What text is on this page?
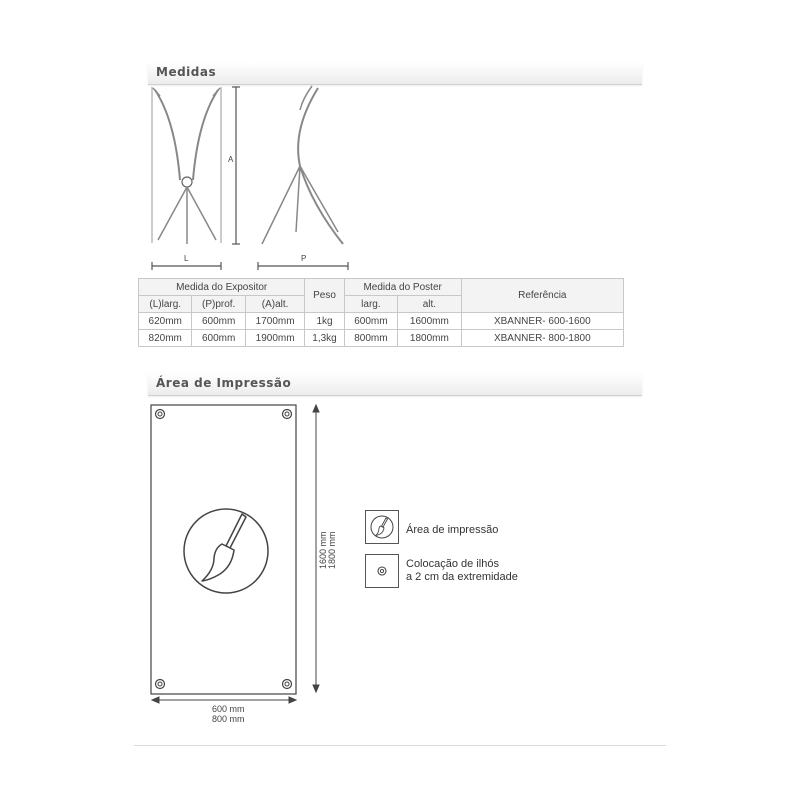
Medidas
A
L	P
Medida do Expositor			Peso	Medida do Poster		Referência
(L)larg.	(P)prof.	(A)alt.		larg.	alt.	
620mm	600mm	1700mm	1kg	600mm	1600mm	XBANNER- 600-1600
820mm	600mm	1900mm	1,3kg	800mm	1800mm	XBANNER- 800-1800
Área de Impressão
1600 mm 1800 mm
600 mm
800 mm
Área de impressão
Colocação de ilhós
a 2 cm da extremidade
